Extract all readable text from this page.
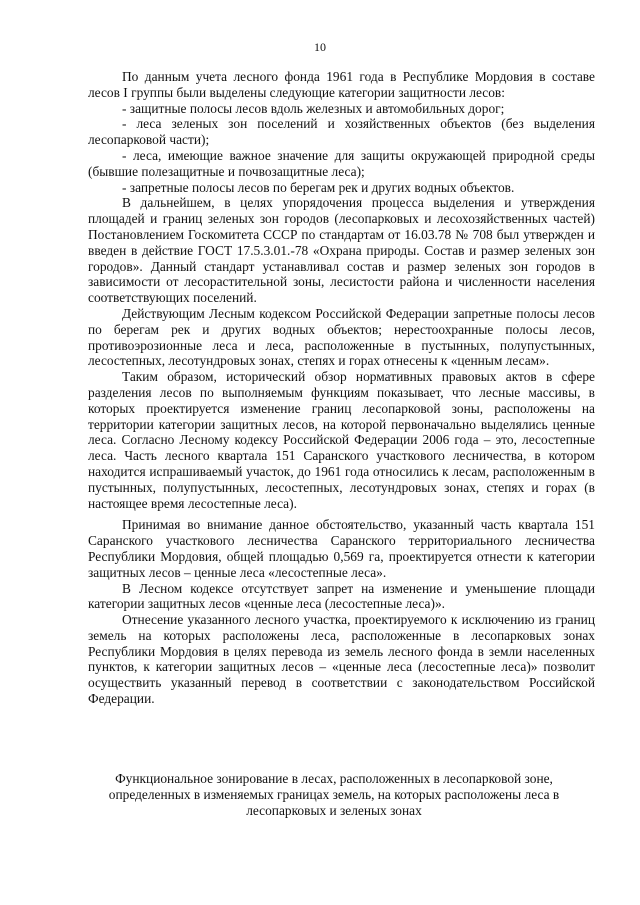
10

По данным учета лесного фонда 1961 года в Республике Мордовия в составе лесов I группы были выделены следующие категории защитности лесов:

- защитные полосы лесов вдоль железных и автомобильных дорог;

- леса зеленых зон поселений и хозяйственных объектов (без выделения лесопарковой части);

- леса, имеющие важное значение для защиты окружающей природной среды (бывшие полезащитные и почвозащитные леса);

- запретные полосы лесов по берегам рек и других водных объектов.

В дальнейшем, в целях упорядочения процесса выделения и утверждения площадей и границ зеленых зон городов (лесопарковых и лесохозяйственных частей) Постановлением Госкомитета СССР по стандартам от 16.03.78 № 708 был утвержден и введен в действие ГОСТ 17.5.3.01.-78 «Охрана природы. Состав и размер зеленых зон городов». Данный стандарт устанавливал состав и размер зеленых зон городов в зависимости от лесорастительной зоны, лесистости района и численности населения соответствующих поселений.

Действующим Лесным кодексом Российской Федерации запретные полосы лесов по берегам рек и других водных объектов; нерестоохранные полосы лесов, противоэрозионные леса и леса, расположенные в пустынных, полупустынных, лесостепных, лесотундровых зонах, степях и горах отнесены к «ценным лесам».

Таким образом, исторический обзор нормативных правовых актов в сфере разделения лесов по выполняемым функциям показывает, что лесные массивы, в которых проектируется изменение границ лесопарковой зоны, расположены на территории категории защитных лесов, на которой первоначально выделялись ценные леса. Согласно Лесному кодексу Российской Федерации 2006 года – это, лесостепные леса. Часть лесного квартала 151 Саранского участкового лесничества, в котором находится испрашиваемый участок, до 1961 года относились к лесам, расположенным в пустынных, полупустынных, лесостепных, лесотундровых зонах, степях и горах (в настоящее время лесостепные леса).

Принимая во внимание данное обстоятельство, указанный часть квартала 151 Саранского участкового лесничества Саранского территориального лесничества Республики Мордовия, общей площадью 0,569 га, проектируется отнести к категории защитных лесов – ценные леса «лесостепные леса».

В Лесном кодексе отсутствует запрет на изменение и уменьшение площади категории защитных лесов «ценные леса (лесостепные леса)».

Отнесение указанного лесного участка, проектируемого к исключению из границ земель на которых расположены леса, расположенные в лесопарковых зонах Республики Мордовия в целях перевода из земель лесного фонда в земли населенных пунктов, к категории защитных лесов – «ценные леса (лесостепные леса)» позволит осуществить указанный перевод в соответствии с законодательством Российской Федерации.

Функциональное зонирование в лесах, расположенных в лесопарковой зоне,
определенных в изменяемых границах земель, на которых расположены леса в
лесопарковых и зеленых зонах
